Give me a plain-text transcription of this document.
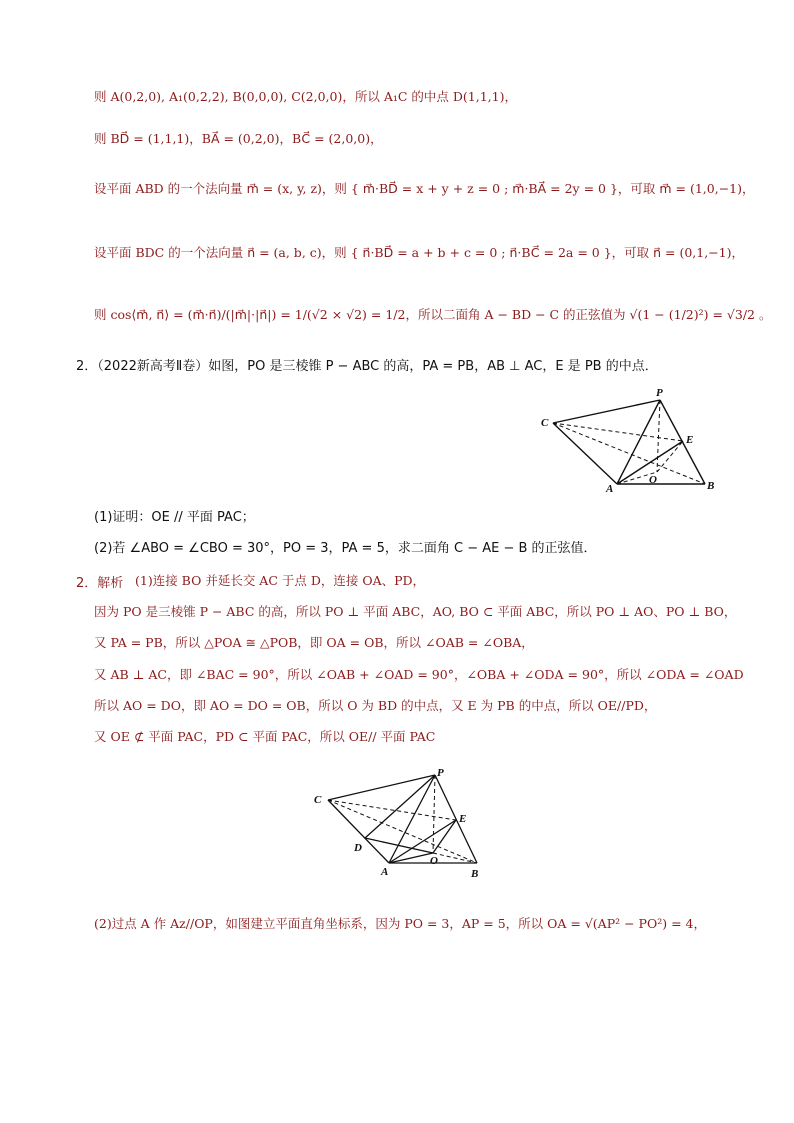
则 A(0,2,0), A₁(0,2,2), B(0,0,0), C(2,0,0)，所以 A₁C 的中点 D(1,1,1)，
则 BD⃗ = (1,1,1)，BA⃗ = (0,2,0)，BC⃗ = (2,0,0)，
设平面 ABD 的一个法向量 m⃗ = (x, y, z)，则 { m⃗·BD⃗ = x + y + z = 0 ; m⃗·BA⃗ = 2y = 0 }，可取 m⃗ = (1,0,−1)，
设平面 BDC 的一个法向量 n⃗ = (a, b, c)，则 { n⃗·BD⃗ = a + b + c = 0 ; n⃗·BC⃗ = 2a = 0 }，可取 n⃗ = (0,1,−1)，
则 cos⟨m⃗, n⃗⟩ = (m⃗·n⃗)/(|m⃗|·|n⃗|) = 1/(√2 × √2) = 1/2，所以二面角 A − BD − C 的正弦值为 √(1 − (1/2)²) = √3/2 。
2．（2022新高考Ⅱ卷）如图，PO 是三棱锥 P − ABC 的高，PA = PB，AB ⊥ AC，E 是 PB 的中点．
P
C
E
O
A	B
(1)证明：OE // 平面 PAC；
(2)若 ∠ABO = ∠CBO = 30°，PO = 3，PA = 5，求二面角 C − AE − B 的正弦值．
2．解析 (1)连接 BO 并延长交 AC 于点 D，连接 OA、PD，
因为 PO 是三棱锥 P − ABC 的高，所以 PO ⊥ 平面 ABC，AO, BO ⊂ 平面 ABC，所以 PO ⊥ AO、PO ⊥ BO，
又 PA = PB，所以 △POA ≅ △POB，即 OA = OB，所以 ∠OAB = ∠OBA，
又 AB ⊥ AC，即 ∠BAC = 90°，所以 ∠OAB + ∠OAD = 90°，∠OBA + ∠ODA = 90°，所以 ∠ODA = ∠OAD
所以 AO = DO，即 AO = DO = OB，所以 O 为 BD 的中点，又 E 为 PB 的中点，所以 OE//PD，
又 OE ⊄ 平面 PAC，PD ⊂ 平面 PAC，所以 OE// 平面 PAC
P
C
E
D
O
A	B
(2)过点 A 作 Az//OP，如图建立平面直角坐标系，因为 PO = 3，AP = 5，所以 OA = √(AP² − PO²) = 4，
